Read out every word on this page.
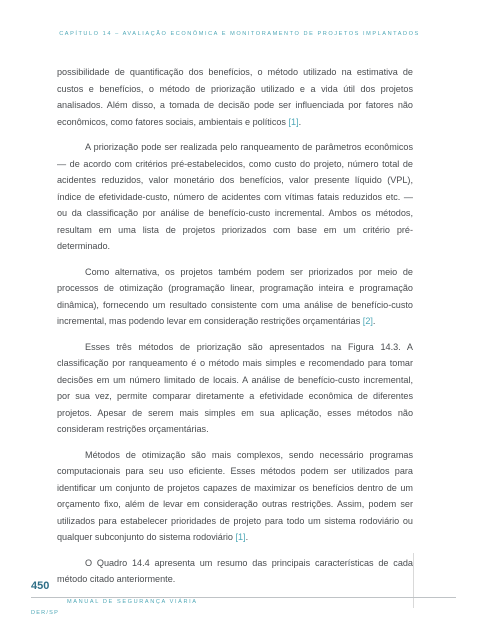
CAPÍTULO 14 – AVALIAÇÃO ECONÔMICA E MONITORAMENTO DE PROJETOS IMPLANTADOS

possibilidade de quantificação dos benefícios, o método utilizado na estimativa de custos e benefícios, o método de priorização utilizado e a vida útil dos projetos analisados. Além disso, a tomada de decisão pode ser influenciada por fatores não econômicos, como fatores sociais, ambientais e políticos [1].

A priorização pode ser realizada pelo ranqueamento de parâmetros econômicos — de acordo com critérios pré-estabelecidos, como custo do projeto, número total de acidentes reduzidos, valor monetário dos benefícios, valor presente líquido (VPL), índice de efetividade-custo, número de acidentes com vítimas fatais reduzidos etc. — ou da classificação por análise de benefício-custo incremental. Ambos os métodos, resultam em uma lista de projetos priorizados com base em um critério pré-determinado.

Como alternativa, os projetos também podem ser priorizados por meio de processos de otimização (programação linear, programação inteira e programação dinâmica), fornecendo um resultado consistente com uma análise de benefício-custo incremental, mas podendo levar em consideração restrições orçamentárias [2].

Esses três métodos de priorização são apresentados na Figura 14.3. A classificação por ranqueamento é o método mais simples e recomendado para tomar decisões em um número limitado de locais. A análise de benefício-custo incremental, por sua vez, permite comparar diretamente a efetividade econômica de diferentes projetos. Apesar de serem mais simples em sua aplicação, esses métodos não consideram restrições orçamentárias.

Métodos de otimização são mais complexos, sendo necessário programas computacionais para seu uso eficiente. Esses métodos podem ser utilizados para identificar um conjunto de projetos capazes de maximizar os benefícios dentro de um orçamento fixo, além de levar em consideração outras restrições. Assim, podem ser utilizados para estabelecer prioridades de projeto para todo um sistema rodoviário ou qualquer subconjunto do sistema rodoviário [1].

O Quadro 14.4 apresenta um resumo das principais características de cada método citado anteriormente.

450
MANUAL DE SEGURANÇA VIÁRIA
DER/SP
